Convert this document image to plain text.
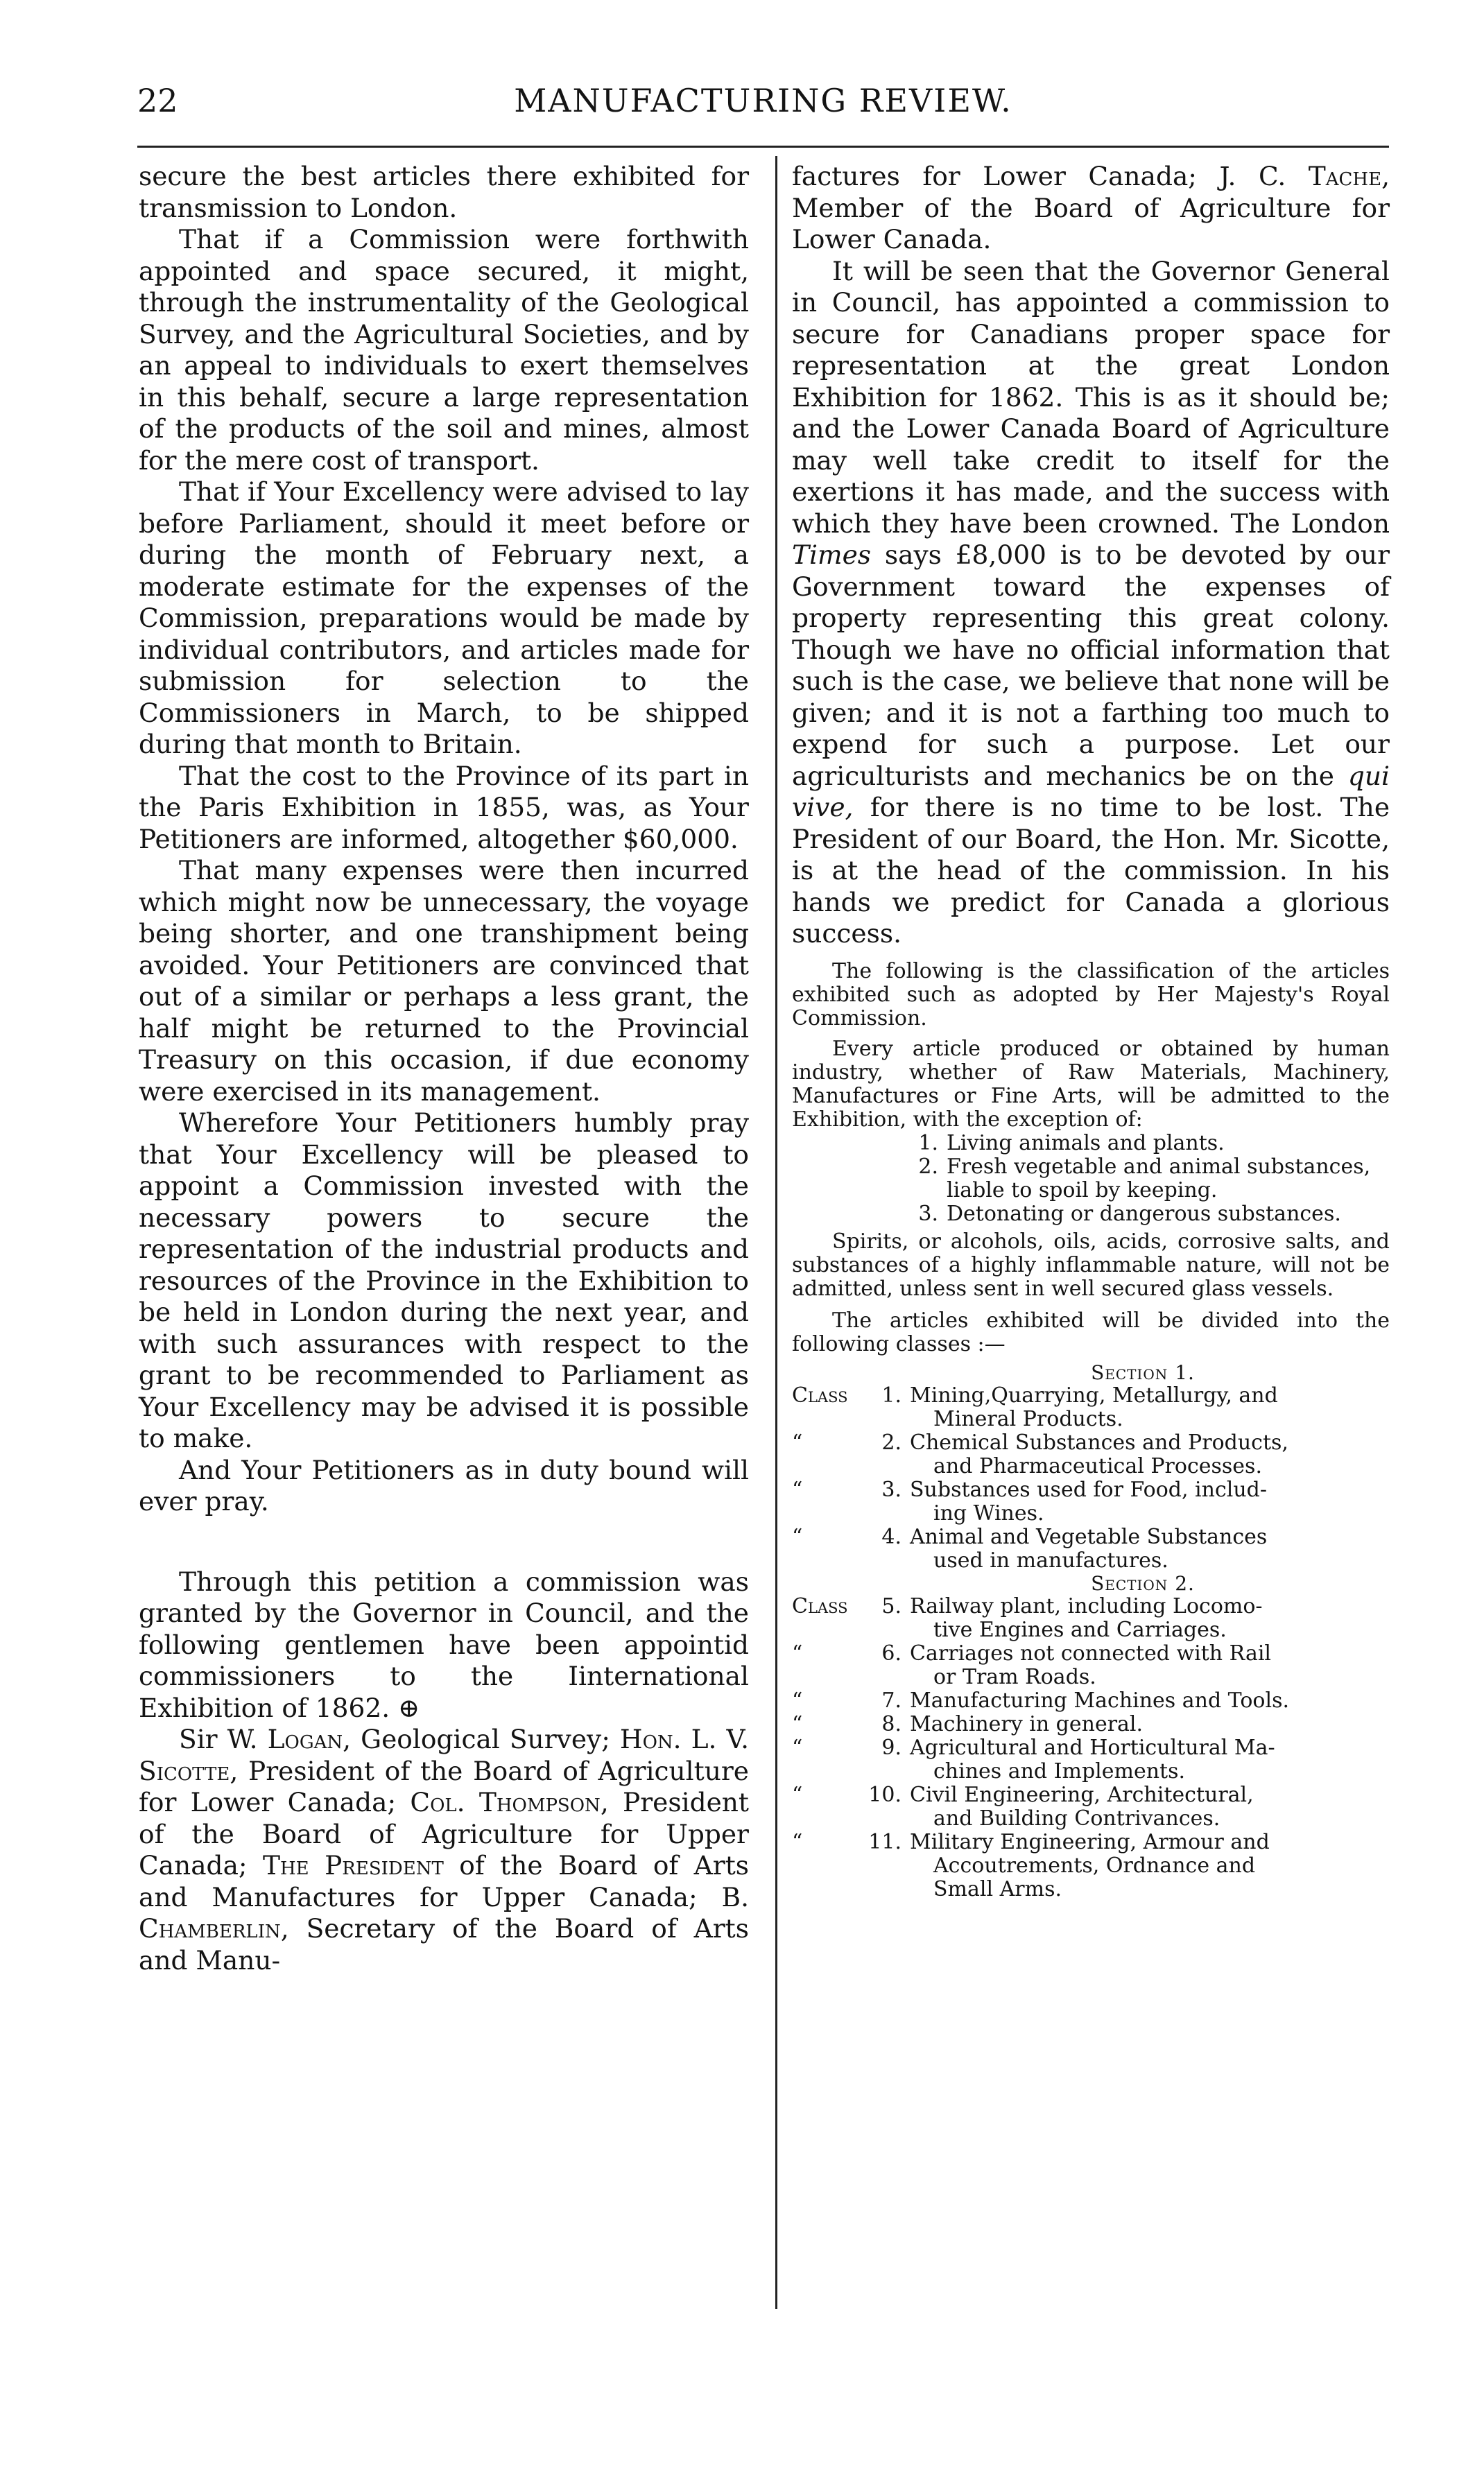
22	MANUFACTURING REVIEW.

secure the best articles there exhibited for transmission to London.

That if a Commission were forthwith appointed and space secured, it might, through the instrumentality of the Geological Survey, and the Agricultural Societies, and by an appeal to individuals to exert themselves in this behalf, secure a large representation of the products of the soil and mines, almost for the mere cost of transport.

That if Your Excellency were advised to lay before Parliament, should it meet before or during the month of February next, a moderate estimate for the expenses of the Commission, preparations would be made by individual contributors, and articles made for submission for selection to the Commissioners in March, to be shipped during that month to Britain.

That the cost to the Province of its part in the Paris Exhibition in 1855, was, as Your Petitioners are informed, altogether $60,000.

That many expenses were then incurred which might now be unnecessary, the voyage being shorter, and one transhipment being avoided. Your Petitioners are convinced that out of a similar or perhaps a less grant, the half might be returned to the Provincial Treasury on this occasion, if due economy were exercised in its management.

Wherefore Your Petitioners humbly pray that Your Excellency will be pleased to appoint a Commission invested with the necessary powers to secure the representation of the industrial products and resources of the Province in the Exhibition to be held in London during the next year, and with such assurances with respect to the grant to be recommended to Parliament as Your Excellency may be advised it is possible to make.

And Your Petitioners as in duty bound will ever pray.

Through this petition a commission was granted by the Governor in Council, and the following gentlemen have been appointid commissioners to the Iinternational Exhibition of 1862. ⊕

Sir W. Logan, Geological Survey; Hon. L. V. Sicotte, President of the Board of Agriculture for Lower Canada; Col. Thompson, President of the Board of Agriculture for Upper Canada; The President of the Board of Arts and Manufactures for Upper Canada; B. Chamberlin, Secretary of the Board of Arts and Manu-

factures for Lower Canada; J. C. Tache, Member of the Board of Agriculture for Lower Canada.

It will be seen that the Governor General in Council, has appointed a commission to secure for Canadians proper space for representation at the great London Exhibition for 1862. This is as it should be; and the Lower Canada Board of Agriculture may well take credit to itself for the exertions it has made, and the success with which they have been crowned. The London Times says £8,000 is to be devoted by our Government toward the expenses of property representing this great colony. Though we have no official information that such is the case, we believe that none will be given; and it is not a farthing too much to expend for such a purpose. Let our agriculturists and mechanics be on the qui vive, for there is no time to be lost. The President of our Board, the Hon. Mr. Sicotte, is at the head of the commission. In his hands we predict for Canada a glorious success.

The following is the classification of the articles exhibited such as adopted by Her Majesty's Royal Commission.

Every article produced or obtained by human industry, whether of Raw Materials, Machinery, Manufactures or Fine Arts, will be admitted to the Exhibition, with the exception of:

1. Living animals and plants.
2. Fresh vegetable and animal substances, liable to spoil by keeping.
3. Detonating or dangerous substances.

Spirits, or alcohols, oils, acids, corrosive salts, and substances of a highly inflammable nature, will not be admitted, unless sent in well secured glass vessels.

The articles exhibited will be divided into the following classes :—

Section 1.
Class	1. Mining,Quarrying, Metallurgy, and
Mineral Products.
“	2. Chemical Substances and Products,
and Pharmaceutical Processes.
“	3. Substances used for Food, includ-
ing Wines.
“	4. Animal and Vegetable Substances
used in manufactures.
Section 2.
Class	5. Railway plant, including Locomo-
tive Engines and Carriages.
“	6. Carriages not connected with Rail
or Tram Roads.
“	7. Manufacturing Machines and Tools.
“	8. Machinery in general.
“	9. Agricultural and Horticultural Ma-
chines and Implements.
“	10. Civil Engineering, Architectural,
and Building Contrivances.
“	11. Military Engineering, Armour and
Accoutrements, Ordnance and
Small Arms.
